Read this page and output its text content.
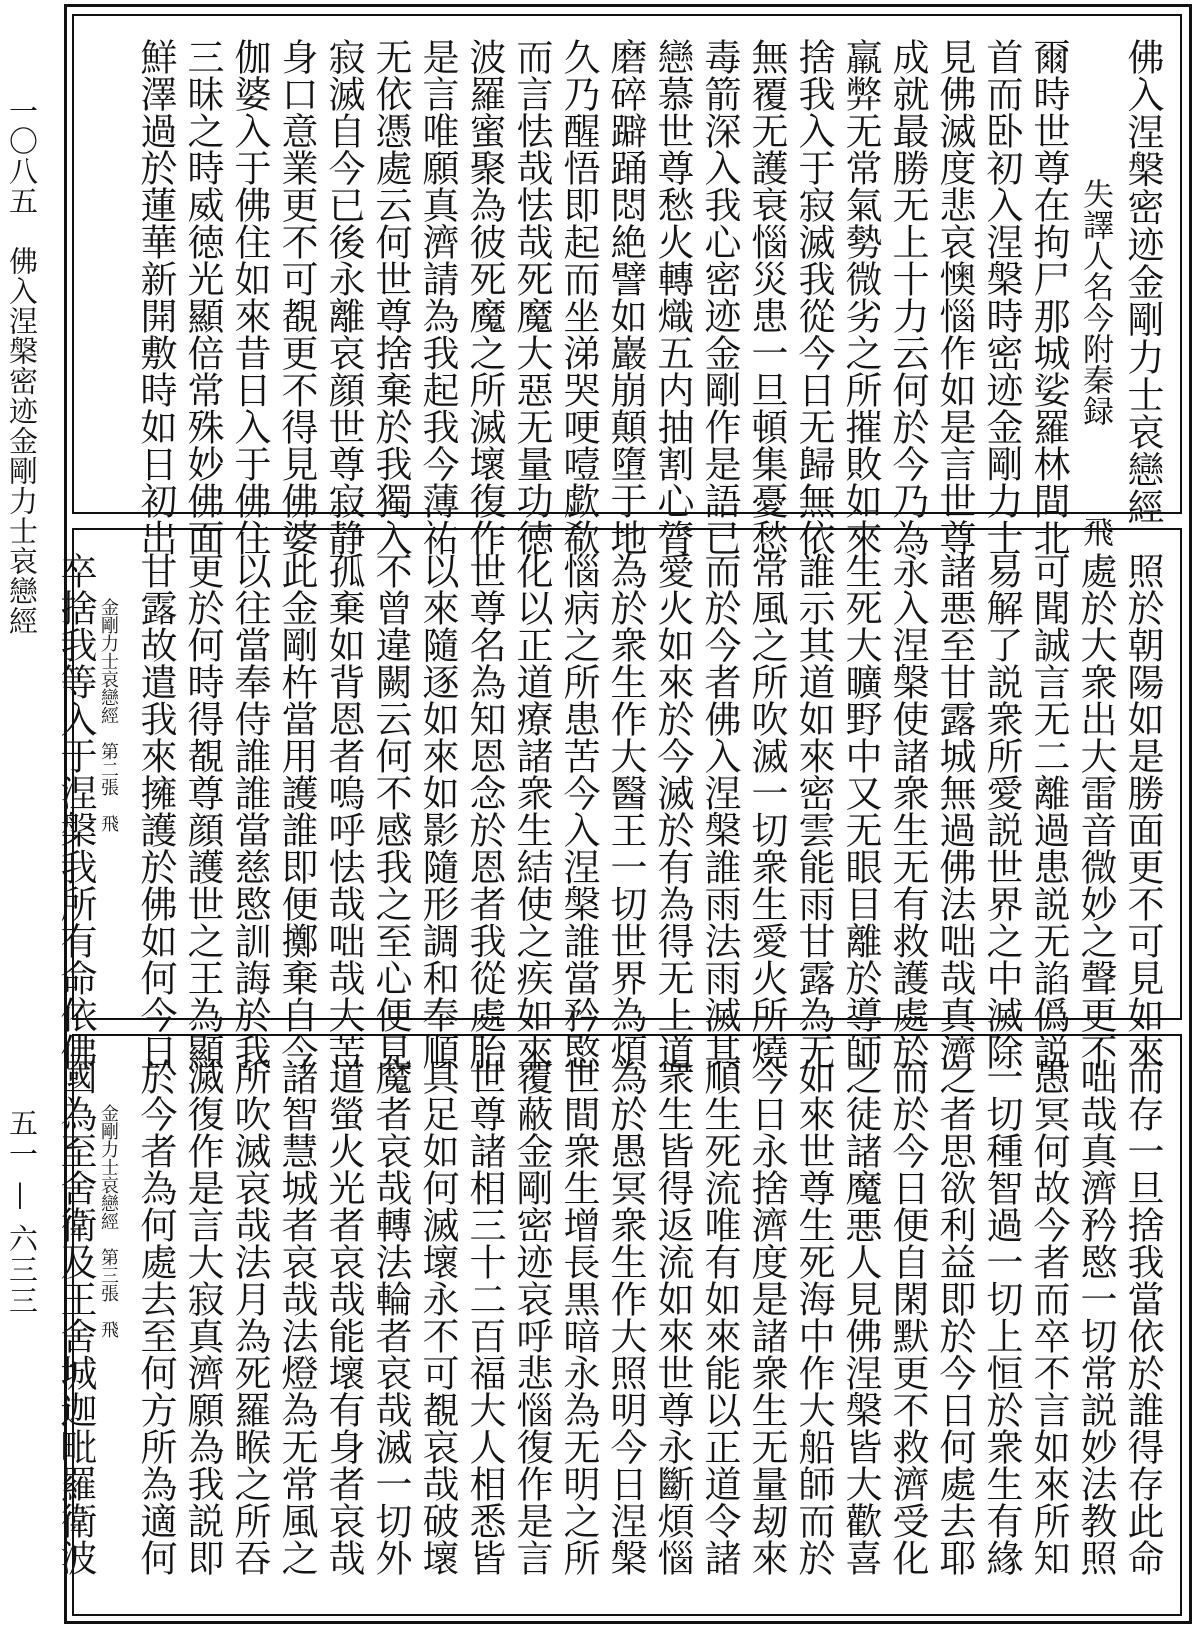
一〇八五　佛入涅槃密迹金剛力士哀戀經
五一 — 六三三
佛入涅槃密迹金剛力士哀戀經
失譯人名今附秦録飛
爾時世尊在拘尸那城娑羅林間北
首而卧初入涅槃時密迹金剛力士
見佛滅度悲哀懊惱作如是言世尊
成就最勝无上十力云何於今乃為
羸弊无常氣勢微劣之所摧敗如來
捨我入于寂滅我從今日无歸無依
無覆无護衰惱災患一旦頓集憂愁
毒箭深入我心密迹金剛作是語已
戀慕世尊愁火轉熾五内抽割心膂
磨碎躃踊悶絶譬如巖崩顛墮于地
久乃醒悟即起而坐涕哭哽噎歔欷
而言怯哉怯哉死魔大惡无量功徳
波羅蜜聚為彼死魔之所滅壞復作
是言唯願真濟請為我起我今薄祐
无依憑處云何世尊捨棄於我獨入
寂滅自今已後永離哀顔世尊寂静
身口意業更不可覩更不得見佛婆
伽婆入于佛住如來昔日入于佛住
三昧之時威徳光顯倍常殊妙佛面
鮮澤過於蓮華新開敷時如日初出
照於朝陽如是勝面更不可見如來
處於大衆出大雷音微妙之聲更不
可聞誠言无二離過患説无諂僞説
易解了説衆所愛説世界之中滅除
諸悪至甘露城無過佛法咄哉真濟
永入涅槃使諸衆生无有救護處於
生死大曠野中又无眼目離於導師
誰示其道如來密雲能雨甘露為无
常風之所吹滅一切衆生愛火所燒
而於今者佛入涅槃誰雨法雨滅其
愛火如來於今滅於有為得无上道
為於衆生作大醫王一切世界為煩
惱病之所患苦今入涅槃誰當矜愍
化以正道療諸衆生結使之疾如來
世尊名為知恩念於恩者我從處胎
以來隨逐如來如影隨形調和奉順
不曾違闕云何不感我之至心便見
孤棄如背恩者嗚呼怯哉咄哉大苦
此金剛杵當用護誰即便擲棄自今
以往當奉侍誰誰當慈愍訓誨於我
更於何時得覩尊顔護世之王為顯
甘露故遣我來擁護於佛如何今日
金剛力士哀戀經　第二張　飛
卒捨我等入于涅槃我所有命依佛
而存一旦捨我當依於誰得存此命
咄哉真濟矜愍一切常説妙法教照
愚冥何故今者而卒不言如來所知
一切種智過一切上恒於衆生有緣
之者思欲利益即於今日何處去耶
而於今日便自閑默更不救濟受化
之徒諸魔悪人見佛涅槃皆大歡喜
如來世尊生死海中作大船師而於
今日永捨濟度是諸衆生无量刼來
順生死流唯有如來能以正道令諸
衆生皆得返流如來世尊永斷煩惱
為於愚冥衆生作大照明今日涅槃
世間衆生增長黒暗永為无明之所
覆蔽金剛密迹哀呼悲惱復作是言
世尊諸相三十二百福大人相悉皆
具足如何滅壞永不可覩哀哉破壞
魔者哀哉轉法輪者哀哉滅一切外
道螢火光者哀哉能壞有身者哀哉
諸智慧城者哀哉法燈為无常風之
所吹滅哀哉法月為死羅睺之所吞
滅復作是言大寂真濟願為我説即
於今者為何處去至何方所為適何
金剛力士哀戀經　第三張　飛
國為至舍衛及王舍城迦毗羅衛波
